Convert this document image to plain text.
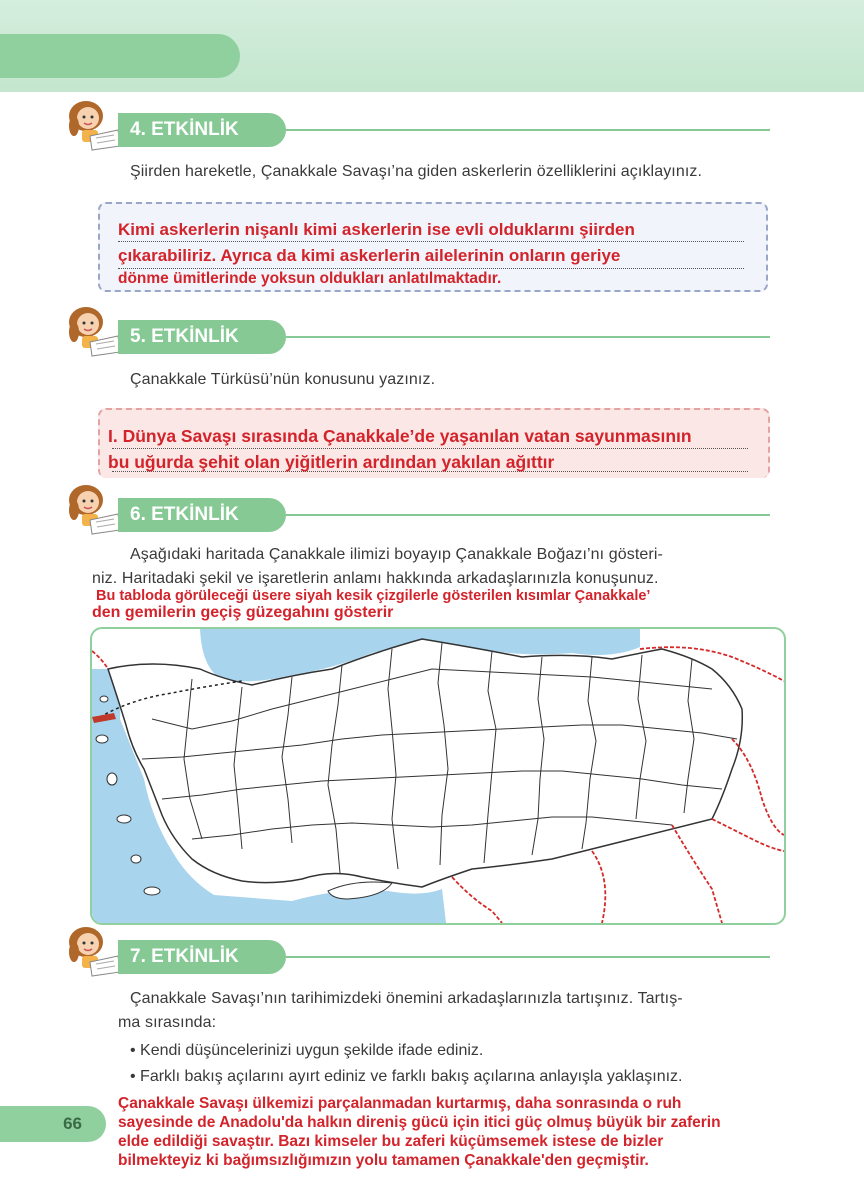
4. ETKİNLİK
Şiirden hareketle, Çanakkale Savaşı’na giden askerlerin özelliklerini açıklayınız.
Kimi askerlerin nişanlı kimi askerlerin ise evli olduklarını şiirden
çıkarabiliriz. Ayrıca da kimi askerlerin ailelerinin onların geriye
dönme ümitlerinde yoksun oldukları anlatılmaktadır.
5. ETKİNLİK
Çanakkale Türküsü’nün konusunu yazınız.
I. Dünya Savaşı sırasında Çanakkale’de yaşanılan vatan sayunmasının
bu uğurda şehit olan yiğitlerin ardından yakılan ağıttır
6. ETKİNLİK
Aşağıdaki haritada Çanakkale ilimizi boyayıp Çanakkale Boğazı’nı gösteri-
niz. Haritadaki şekil ve işaretlerin anlamı hakkında arkadaşlarınızla konuşunuz.
Bu tabloda görüleceği üsere siyah kesik çizgilerle gösterilen kısımlar Çanakkale’
den gemilerin geçiş güzegahını gösterir
7. ETKİNLİK
Çanakkale Savaşı’nın tarihimizdeki önemini arkadaşlarınızla tartışınız. Tartış-
ma sırasında:
• Kendi düşüncelerinizi uygun şekilde ifade ediniz.
• Farklı bakış açılarını ayırt ediniz ve farklı bakış açılarına anlayışla yaklaşınız.
66
Çanakkale Savaşı ülkemizi parçalanmadan kurtarmış, daha sonrasında o ruh
sayesinde de Anadolu'da halkın direniş gücü için itici güç olmuş büyük bir zaferin
elde edildiği savaştır. Bazı kimseler bu zaferi küçümsemek istese de bizler
bilmekteyiz ki bağımsızlığımızın yolu tamamen Çanakkale'den geçmiştir.
